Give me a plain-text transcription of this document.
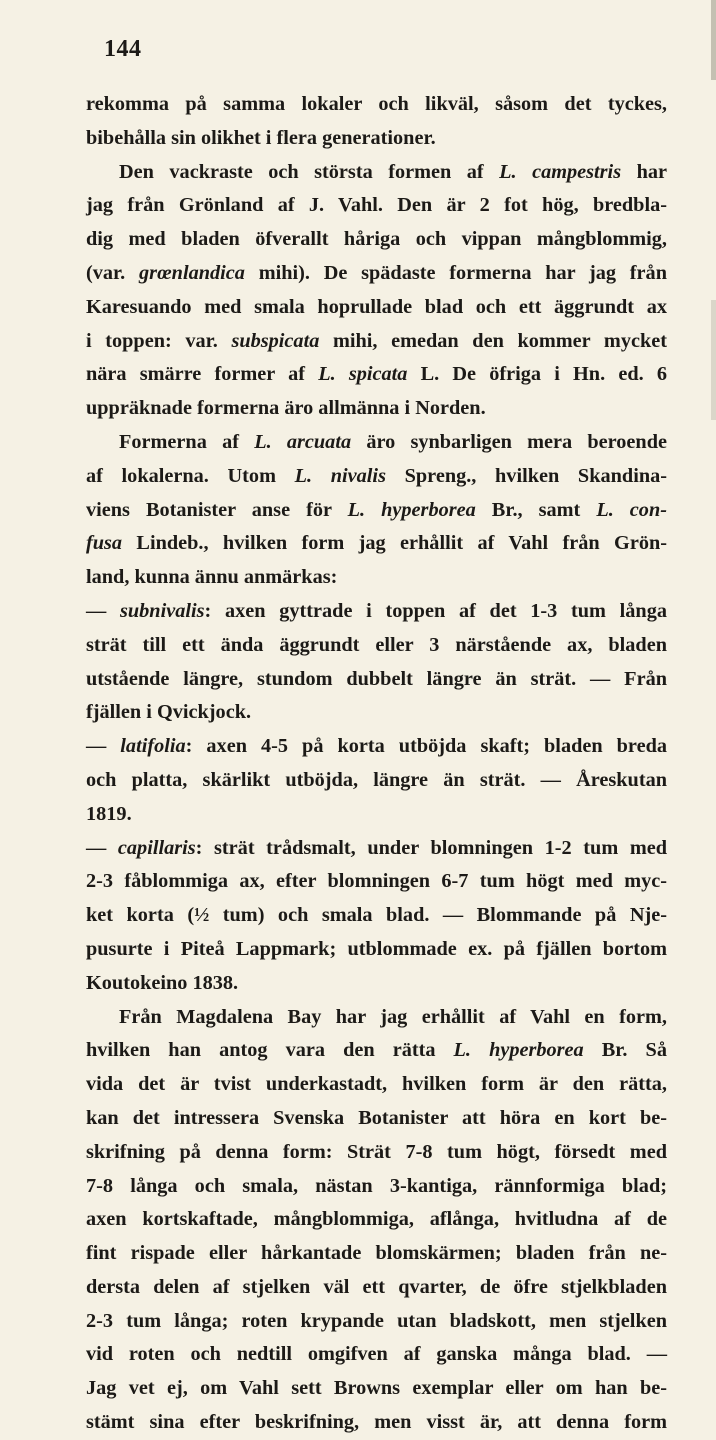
144
rekomma på samma lokaler och likväl, såsom det tyckes,
bibehålla sin olikhet i flera generationer.
Den vackraste och största formen af L. campestris har
jag från Grönland af J. Vahl. Den är 2 fot hög, bredbla-
dig med bladen öfverallt håriga och vippan mångblommig,
(var. grœnlandica mihi). De spädaste formerna har jag från
Karesuando med smala hoprullade blad och ett äggrundt ax
i toppen: var. subspicata mihi, emedan den kommer mycket
nära smärre former af L. spicata L. De öfriga i Hn. ed. 6
uppräknade formerna äro allmänna i Norden.
Formerna af L. arcuata äro synbarligen mera beroende
af lokalerna. Utom L. nivalis Spreng., hvilken Skandina-
viens Botanister anse för L. hyperborea Br., samt L. con-
fusa Lindeb., hvilken form jag erhållit af Vahl från Grön-
land, kunna ännu anmärkas:
— subnivalis: axen gyttrade i toppen af det 1-3 tum långa
strät till ett ända äggrundt eller 3 närstående ax, bladen
utstående längre, stundom dubbelt längre än strät. — Från
fjällen i Qvickjock.
— latifolia: axen 4-5 på korta utböjda skaft; bladen breda
och platta, skärlikt utböjda, längre än strät. — Åreskutan
1819.
— capillaris: strät trådsmalt, under blomningen 1-2 tum med
2-3 fåblommiga ax, efter blomningen 6-7 tum högt med myc-
ket korta (½ tum) och smala blad. — Blommande på Nje-
pusurte i Piteå Lappmark; utblommade ex. på fjällen bortom
Koutokeino 1838.
Från Magdalena Bay har jag erhållit af Vahl en form,
hvilken han antog vara den rätta L. hyperborea Br. Så
vida det är tvist underkastadt, hvilken form är den rätta,
kan det intressera Svenska Botanister att höra en kort be-
skrifning på denna form: Strät 7-8 tum högt, försedt med
7-8 långa och smala, nästan 3-kantiga, rännformiga blad;
axen kortskaftade, mångblommiga, aflånga, hvitludna af de
fint rispade eller hårkantade blomskärmen; bladen från ne-
dersta delen af stjelken väl ett qvarter, de öfre stjelkbladen
2-3 tum långa; roten krypande utan bladskott, men stjelken
vid roten och nedtill omgifven af ganska många blad. —
Jag vet ej, om Vahl sett Browns exemplar eller om han be-
stämt sina efter beskrifning, men visst är, att denna form
